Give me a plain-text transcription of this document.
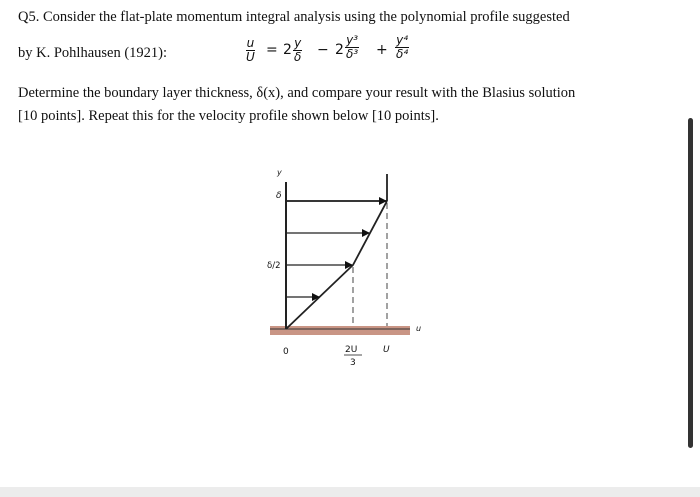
Q5. Consider the flat-plate momentum integral analysis using the polynomial profile suggested
by K. Pohlhausen (1921):	$\frac{u}{U} = 2 \frac{y}{\delta} - 2 \frac{\text{y³}}{\text{δ³}} + \frac{\text{y⁴}}{\text{δ⁴}}$
Determine the boundary layer thickness, δ(x), and compare your result with the Blasius solution
[10 points]. Repeat this for the velocity profile shown below [10 points].
y
δ
δ/2
u
0	2U
3
U
